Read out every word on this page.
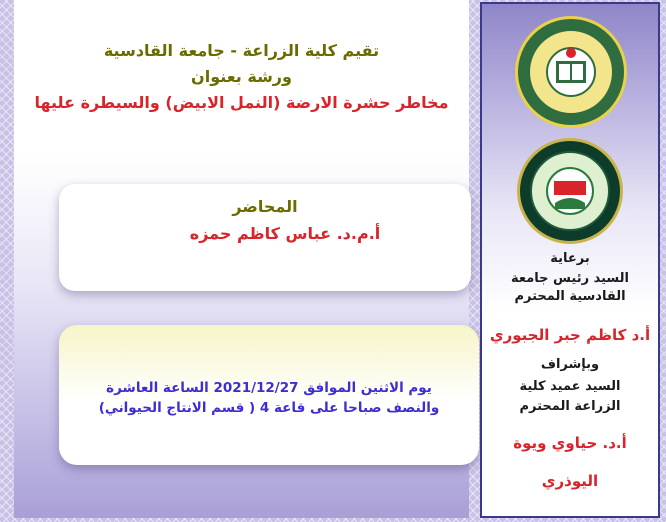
تقيم كلية الزراعة - جامعة القادسية
ورشة بعنوان
مخاطر حشرة الارضة (النمل الابيض) والسيطرة عليها
المحاضر
أ.م.د. عباس كاظم حمزه
يوم الاثنين الموافق 2021/12/27 الساعة العاشرة
والنصف صباحا على قاعة 4 ( قسم الانتاج الحيواني)
برعاية
السيد رئيس جامعة
القادسية المحترم
أ.د كاظم جبر الجبوري
وبإشراف
السيد عميد كلية
الزراعة المحترم
أ.د. حياوي ويوة
اليوذري
